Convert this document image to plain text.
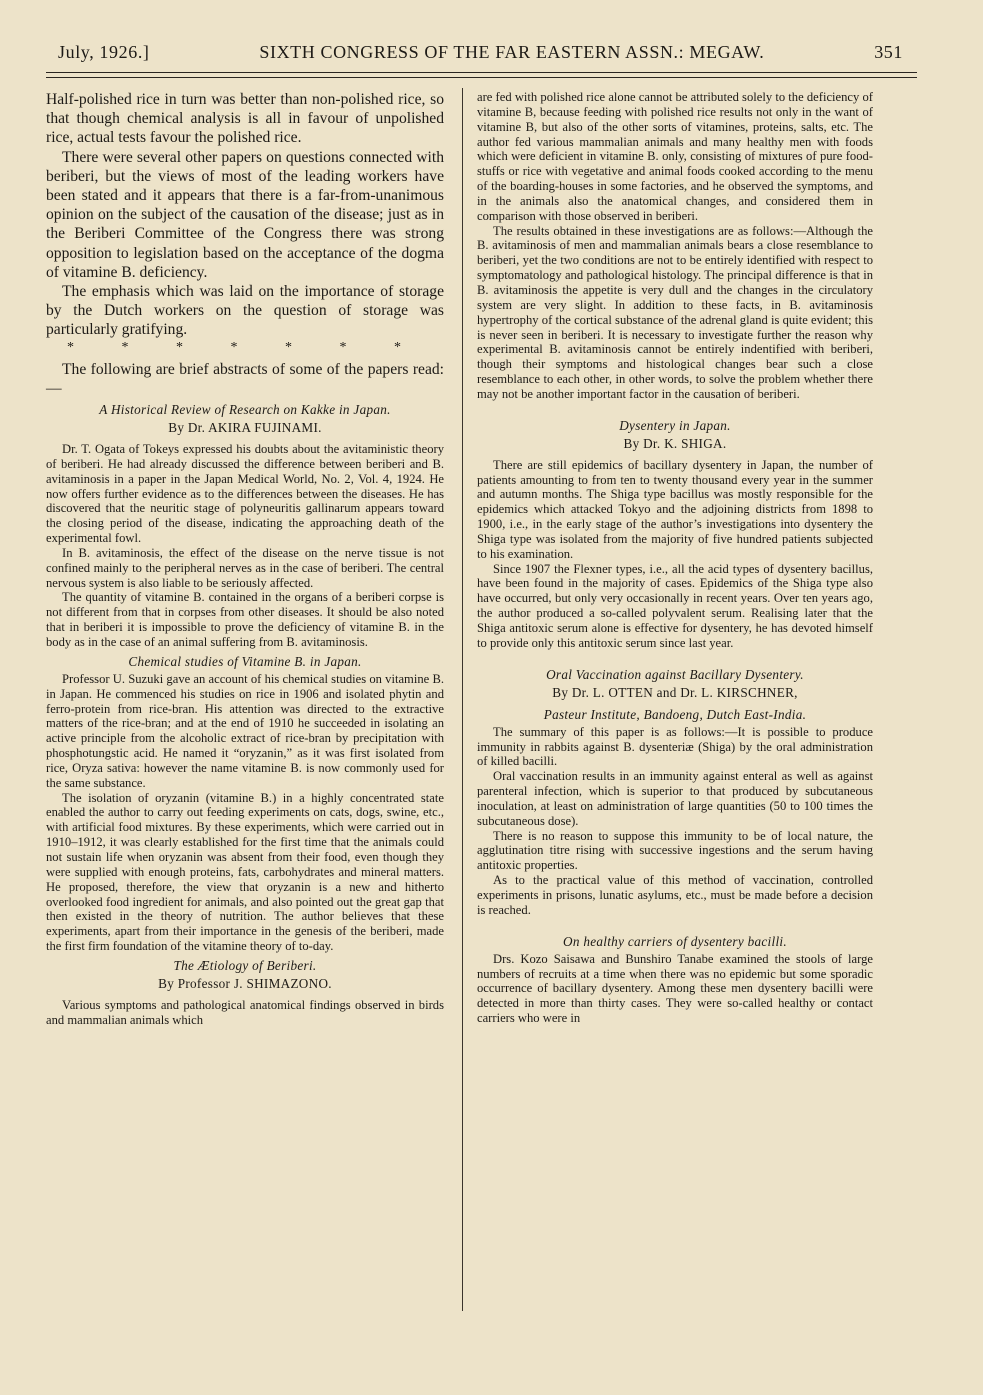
July, 1926.]	SIXTH CONGRESS OF THE FAR EASTERN ASSN.: MEGAW.	351

Half-polished rice in turn was better than non-polished rice, so that though chemical analysis is all in favour of unpolished rice, actual tests favour the polished rice.

There were several other papers on questions connected with beriberi, but the views of most of the leading workers have been stated and it appears that there is a far-from-unanimous opinion on the subject of the causation of the disease; just as in the Beriberi Committee of the Congress there was strong opposition to legislation based on the acceptance of the dogma of vitamine B. deficiency.

The emphasis which was laid on the importance of storage by the Dutch workers on the question of storage was particularly gratifying.

* * * * * * *

The following are brief abstracts of some of the papers read:—

A Historical Review of Research on Kakke in Japan.
By Dr. AKIRA FUJINAMI.

Dr. T. Ogata of Tokeys expressed his doubts about the avitaministic theory of beriberi. He had already discussed the difference between beriberi and B. avitaminosis in a paper in the Japan Medical World, No. 2, Vol. 4, 1924. He now offers further evidence as to the differences between the diseases. He has discovered that the neuritic stage of polyneuritis gallinarum appears toward the closing period of the disease, indicating the approaching death of the experimental fowl.

In B. avitaminosis, the effect of the disease on the nerve tissue is not confined mainly to the peripheral nerves as in the case of beriberi. The central nervous system is also liable to be seriously affected.

The quantity of vitamine B. contained in the organs of a beriberi corpse is not different from that in corpses from other diseases. It should be also noted that in beriberi it is impossible to prove the deficiency of vitamine B. in the body as in the case of an animal suffering from B. avitaminosis.

Chemical studies of Vitamine B. in Japan.

Professor U. Suzuki gave an account of his chemical studies on vitamine B. in Japan. He commenced his studies on rice in 1906 and isolated phytin and ferro-protein from rice-bran. His attention was directed to the extractive matters of the rice-bran; and at the end of 1910 he succeeded in isolating an active principle from the alcoholic extract of rice-bran by precipitation with phosphotungstic acid. He named it “oryzanin,” as it was first isolated from rice, Oryza sativa: however the name vitamine B. is now commonly used for the same substance.

The isolation of oryzanin (vitamine B.) in a highly concentrated state enabled the author to carry out feeding experiments on cats, dogs, swine, etc., with artificial food mixtures. By these experiments, which were carried out in 1910–1912, it was clearly established for the first time that the animals could not sustain life when oryzanin was absent from their food, even though they were supplied with enough proteins, fats, carbohydrates and mineral matters. He proposed, therefore, the view that oryzanin is a new and hitherto overlooked food ingredient for animals, and also pointed out the great gap that then existed in the theory of nutrition. The author believes that these experiments, apart from their importance in the genesis of the beriberi, made the first firm foundation of the vitamine theory of to-day.

The Ætiology of Beriberi.
By Professor J. SHIMAZONO.

Various symptoms and pathological anatomical findings observed in birds and mammalian animals which

are fed with polished rice alone cannot be attributed solely to the deficiency of vitamine B, because feeding with polished rice results not only in the want of vitamine B, but also of the other sorts of vitamines, proteins, salts, etc. The author fed various mammalian animals and many healthy men with foods which were deficient in vitamine B. only, consisting of mixtures of pure food-stuffs or rice with vegetative and animal foods cooked according to the menu of the boarding-houses in some factories, and he observed the symptoms, and in the animals also the anatomical changes, and considered them in comparison with those observed in beriberi.

The results obtained in these investigations are as follows:—Although the B. avitaminosis of men and mammalian animals bears a close resemblance to beriberi, yet the two conditions are not to be entirely identified with respect to symptomatology and pathological histology. The principal difference is that in B. avitaminosis the appetite is very dull and the changes in the circulatory system are very slight. In addition to these facts, in B. avitaminosis hypertrophy of the cortical substance of the adrenal gland is quite evident; this is never seen in beriberi. It is necessary to investigate further the reason why experimental B. avitaminosis cannot be entirely indentified with beriberi, though their symptoms and histological changes bear such a close resemblance to each other, in other words, to solve the problem whether there may not be another important factor in the causation of beriberi.

Dysentery in Japan.
By Dr. K. SHIGA.

There are still epidemics of bacillary dysentery in Japan, the number of patients amounting to from ten to twenty thousand every year in the summer and autumn months. The Shiga type bacillus was mostly responsible for the epidemics which attacked Tokyo and the adjoining districts from 1898 to 1900, i.e., in the early stage of the author’s investigations into dysentery the Shiga type was isolated from the majority of five hundred patients subjected to his examination.

Since 1907 the Flexner types, i.e., all the acid types of dysentery bacillus, have been found in the majority of cases. Epidemics of the Shiga type also have occurred, but only very occasionally in recent years. Over ten years ago, the author produced a so-called polyvalent serum. Realising later that the Shiga antitoxic serum alone is effective for dysentery, he has devoted himself to provide only this antitoxic serum since last year.

Oral Vaccination against Bacillary Dysentery.
By Dr. L. OTTEN and Dr. L. KIRSCHNER,
Pasteur Institute, Bandoeng, Dutch East-India.

The summary of this paper is as follows:—It is possible to produce immunity in rabbits against B. dysenteriæ (Shiga) by the oral administration of killed bacilli.

Oral vaccination results in an immunity against enteral as well as against parenteral infection, which is superior to that produced by subcutaneous inoculation, at least on administration of large quantities (50 to 100 times the subcutaneous dose).

There is no reason to suppose this immunity to be of local nature, the agglutination titre rising with successive ingestions and the serum having antitoxic properties.

As to the practical value of this method of vaccination, controlled experiments in prisons, lunatic asylums, etc., must be made before a decision is reached.

On healthy carriers of dysentery bacilli.

Drs. Kozo Saisawa and Bunshiro Tanabe examined the stools of large numbers of recruits at a time when there was no epidemic but some sporadic occurrence of bacillary dysentery. Among these men dysentery bacilli were detected in more than thirty cases. They were so-called healthy or contact carriers who were in
